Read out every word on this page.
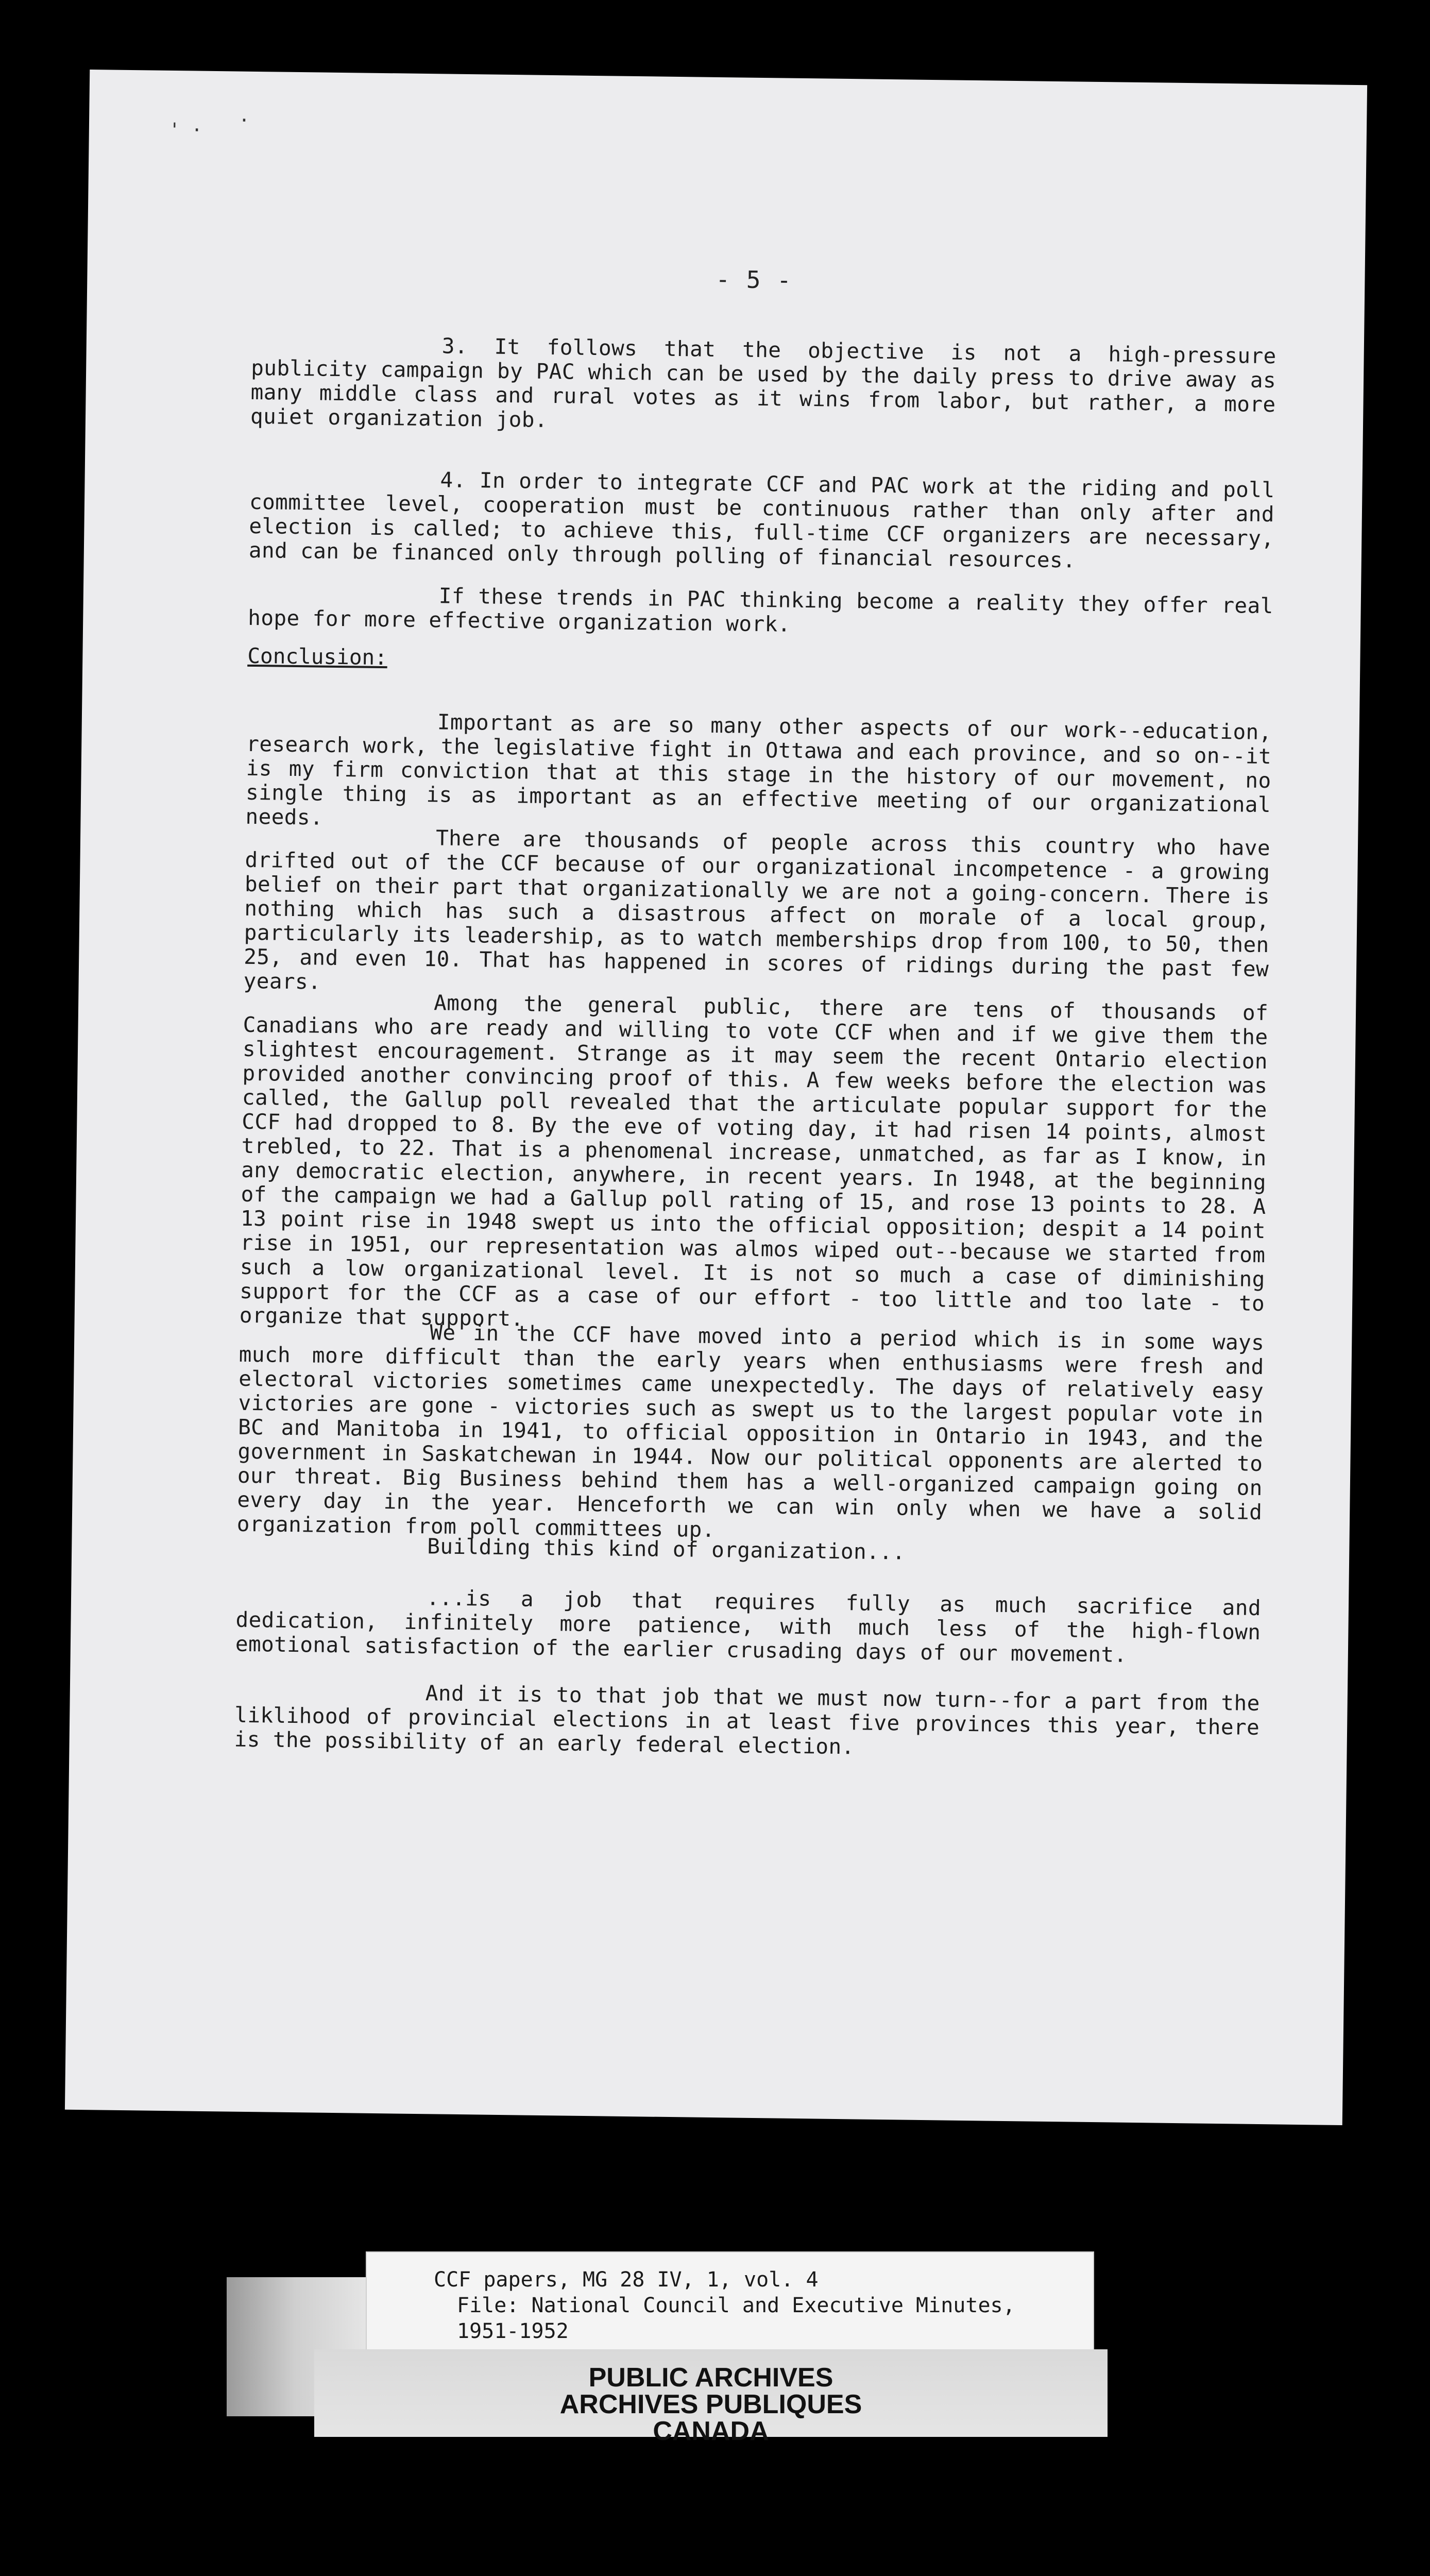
' · ·
- 5 -

3. It follows that the objective is not a high-pressure publicity campaign by PAC which can be used by the daily press to drive away as many middle class and rural votes as it wins from labor, but rather, a more quiet organization job.

4. In order to integrate CCF and PAC work at the riding and poll committee level, cooperation must be continuous rather than only after and election is called; to achieve this, full-time CCF organizers are necessary, and can be financed only through polling of financial resources.

If these trends in PAC thinking become a reality they offer real hope for more effective organization work.

Conclusion:

Important as are so many other aspects of our work--education, research work, the legislative fight in Ottawa and each province, and so on--it is my firm conviction that at this stage in the history of our movement, no single thing is as important as an effective meeting of our organizational needs.

There are thousands of people across this country who have drifted out of the CCF because of our organizational incompetence - a growing belief on their part that organizationally we are not a going-concern. There is nothing which has such a disastrous affect on morale of a local group, particularly its leadership, as to watch memberships drop from 100, to 50, then 25, and even 10. That has happened in scores of ridings during the past few years.

Among the general public, there are tens of thousands of Canadians who are ready and willing to vote CCF when and if we give them the slightest encouragement. Strange as it may seem the recent Ontario election provided another convincing proof of this. A few weeks before the election was called, the Gallup poll revealed that the articulate popular support for the CCF had dropped to 8. By the eve of voting day, it had risen 14 points, almost trebled, to 22. That is a phenomenal increase, unmatched, as far as I know, in any democratic election, anywhere, in recent years. In 1948, at the beginning of the campaign we had a Gallup poll rating of 15, and rose 13 points to 28. A 13 point rise in 1948 swept us into the official opposition; despit a 14 point rise in 1951, our representation was almos wiped out--because we started from such a low organizational level. It is not so much a case of diminishing support for the CCF as a case of our effort - too little and too late - to organize that support.

We in the CCF have moved into a period which is in some ways much more difficult than the early years when enthusiasms were fresh and electoral victories sometimes came unexpectedly. The days of relatively easy victories are gone - victories such as swept us to the largest popular vote in BC and Manitoba in 1941, to official opposition in Ontario in 1943, and the government in Saskatchewan in 1944. Now our political opponents are alerted to our threat. Big Business behind them has a well-organized campaign going on every day in the year. Henceforth we can win only when we have a solid organization from poll committees up.

Building this kind of organization...

...is a job that requires fully as much sacrifice and dedication, infinitely more patience, with much less of the high-flown emotional satisfaction of the earlier crusading days of our movement.

And it is to that job that we must now turn--for a part from the liklihood of provincial elections in at least five provinces this year, there is the possibility of an early federal election.

CCF papers, MG 28 IV, 1, vol. 4
File: National Council and Executive Minutes,
1951-1952
PUBLIC ARCHIVES
ARCHIVES PUBLIQUES
CANADA
